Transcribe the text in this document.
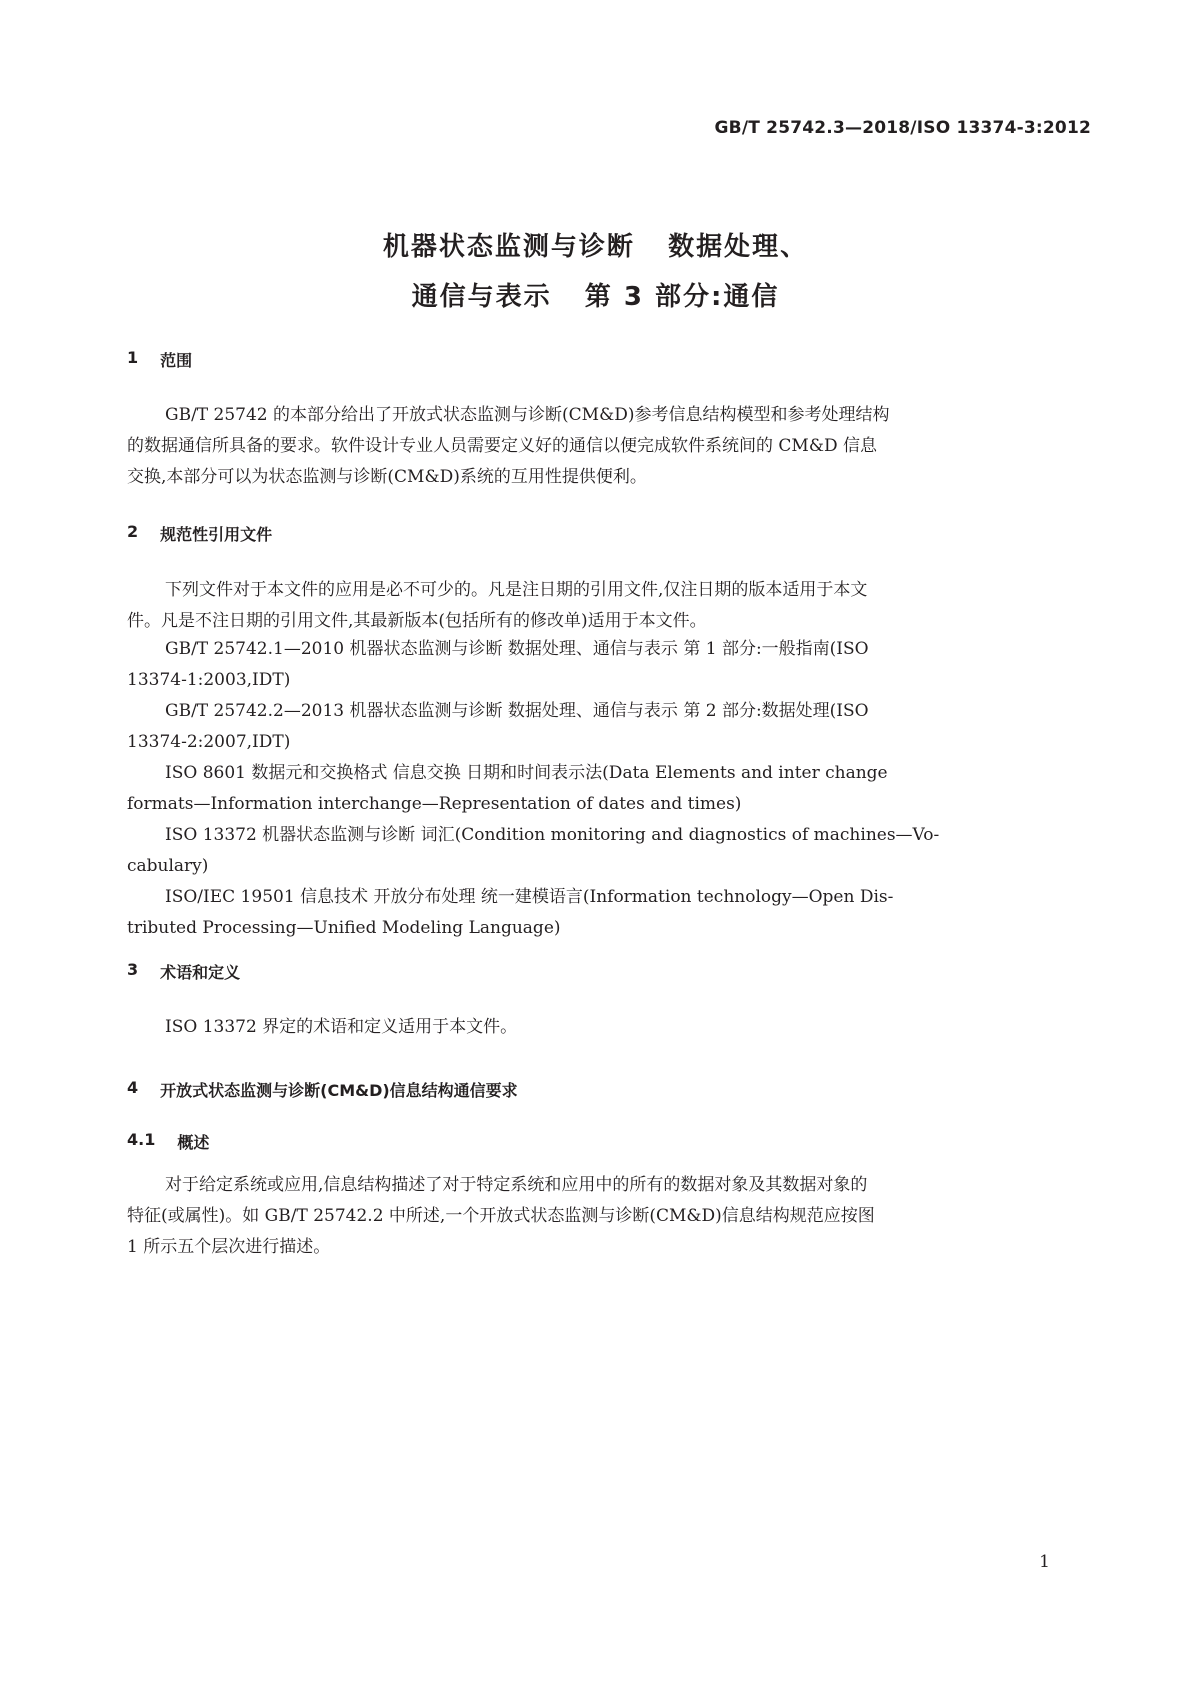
GB/T 25742.3—2018/ISO 13374-3:2012
机器状态监测与诊断   数据处理、
通信与表示   第 3 部分:通信
1 范围
GB/T 25742 的本部分给出了开放式状态监测与诊断(CM&D)参考信息结构模型和参考处理结构
的数据通信所具备的要求。软件设计专业人员需要定义好的通信以便完成软件系统间的 CM&D 信息
交换,本部分可以为状态监测与诊断(CM&D)系统的互用性提供便利。
2 规范性引用文件
下列文件对于本文件的应用是必不可少的。凡是注日期的引用文件,仅注日期的版本适用于本文
件。凡是不注日期的引用文件,其最新版本(包括所有的修改单)适用于本文件。
GB/T 25742.1—2010 机器状态监测与诊断 数据处理、通信与表示 第 1 部分:一般指南(ISO
13374-1:2003,IDT)
GB/T 25742.2—2013 机器状态监测与诊断 数据处理、通信与表示 第 2 部分:数据处理(ISO
13374-2:2007,IDT)
ISO 8601 数据元和交换格式 信息交换 日期和时间表示法(Data Elements and inter change
formats—Information interchange—Representation of dates and times)
ISO 13372 机器状态监测与诊断 词汇(Condition monitoring and diagnostics of machines—Vo-
cabulary)
ISO/IEC 19501 信息技术 开放分布处理 统一建模语言(Information technology—Open Dis-
tributed Processing—Unified Modeling Language)
3 术语和定义
ISO 13372 界定的术语和定义适用于本文件。
4 开放式状态监测与诊断(CM&D)信息结构通信要求
4.1 概述
对于给定系统或应用,信息结构描述了对于特定系统和应用中的所有的数据对象及其数据对象的
特征(或属性)。如 GB/T 25742.2 中所述,一个开放式状态监测与诊断(CM&D)信息结构规范应按图
1 所示五个层次进行描述。
1
